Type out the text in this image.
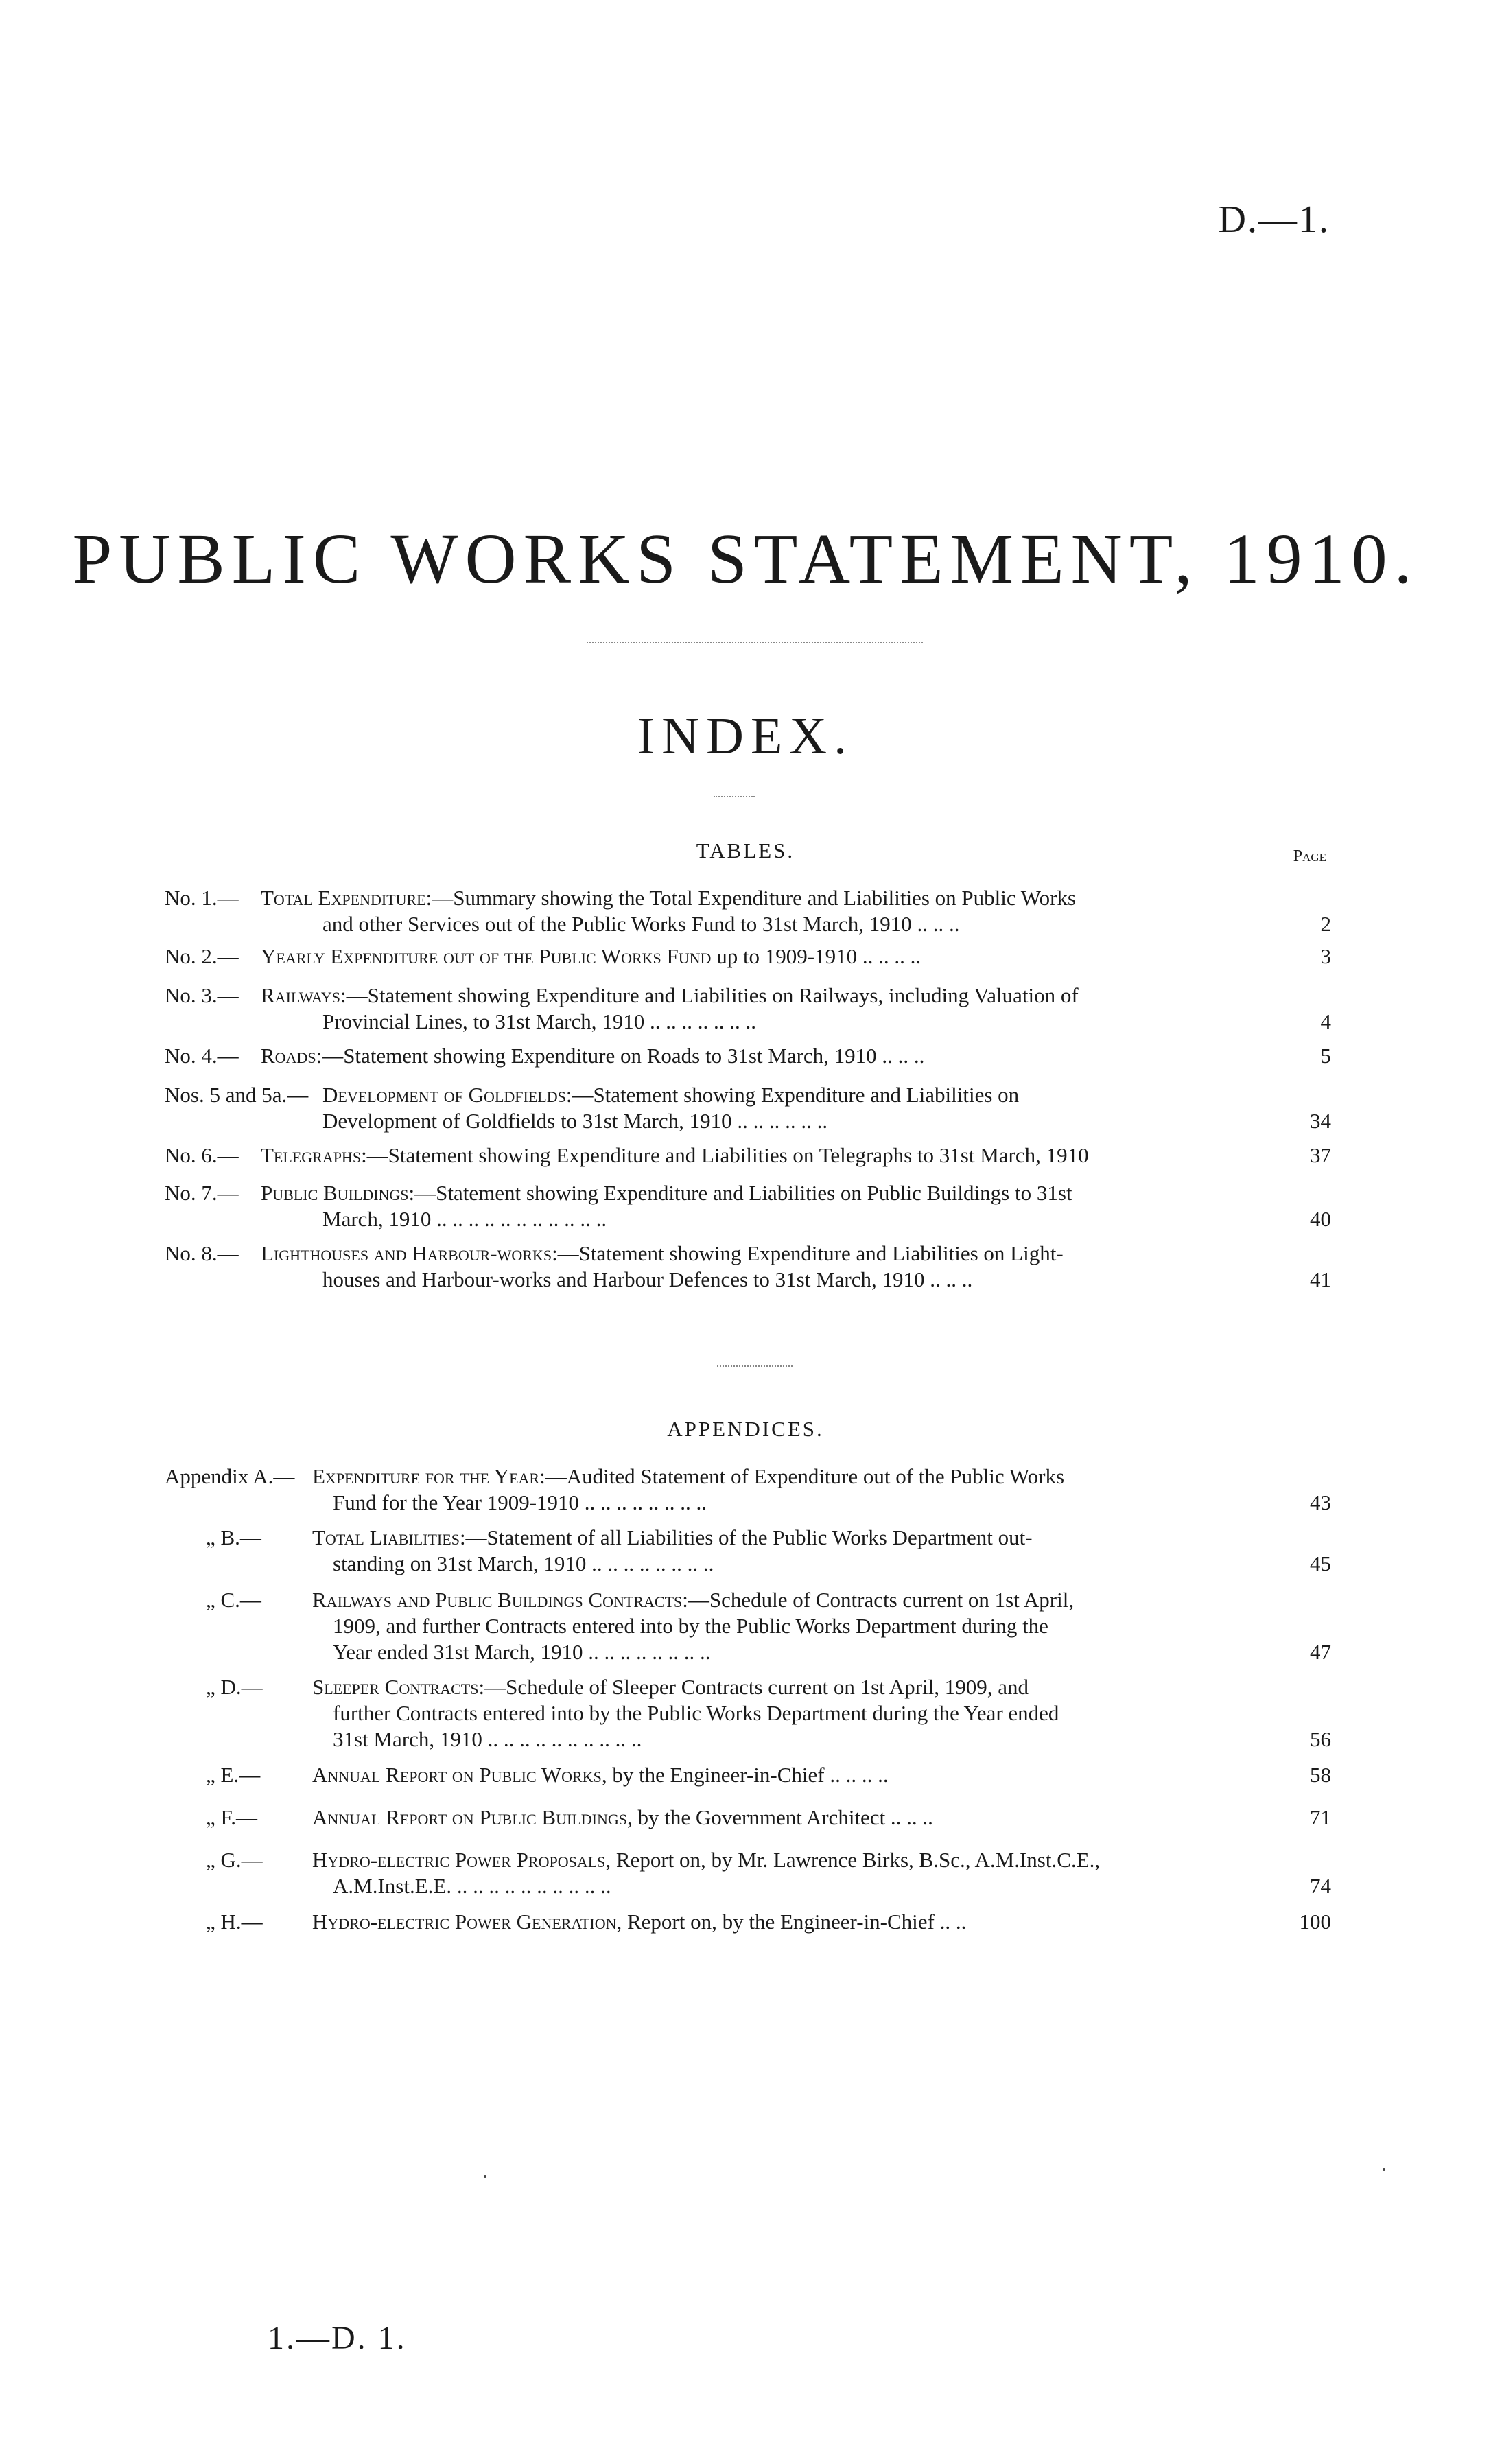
D.—1.
PUBLIC WORKS STATEMENT, 1910.
INDEX.
TABLES.	Page
No. 1.— Total Expenditure:—Summary showing the Total Expenditure and Liabilities on Public Works
and other Services out of the Public Works Fund to 31st March, 1910 .. .. ..	2
No. 2.— Yearly Expenditure out of the Public Works Fund up to 1909-1910 .. .. .. ..	3
No. 3.— Railways:—Statement showing Expenditure and Liabilities on Railways, including Valuation of
Provincial Lines, to 31st March, 1910 .. .. .. .. .. .. ..	4
No. 4.— Roads:—Statement showing Expenditure on Roads to 31st March, 1910 .. .. ..	5
Nos. 5 and 5a.— Development of Goldfields:—Statement showing Expenditure and Liabilities on
Development of Goldfields to 31st March, 1910 .. .. .. .. .. ..	34
No. 6.— Telegraphs:—Statement showing Expenditure and Liabilities on Telegraphs to 31st March, 1910	37
No. 7.— Public Buildings:—Statement showing Expenditure and Liabilities on Public Buildings to 31st
March, 1910 .. .. .. .. .. .. .. .. .. .. ..	40
No. 8.— Lighthouses and Harbour-works:—Statement showing Expenditure and Liabilities on Light-
houses and Harbour-works and Harbour Defences to 31st March, 1910 .. .. ..	41
APPENDICES.
Appendix A.— Expenditure for the Year:—Audited Statement of Expenditure out of the Public Works
Fund for the Year 1909-1910 .. .. .. .. .. .. .. ..	43
„ B.— Total Liabilities:—Statement of all Liabilities of the Public Works Department out-
standing on 31st March, 1910 .. .. .. .. .. .. .. ..	45
„ C.— Railways and Public Buildings Contracts:—Schedule of Contracts current on 1st April,
1909, and further Contracts entered into by the Public Works Department during the
Year ended 31st March, 1910 .. .. .. .. .. .. .. ..	47
„ D.— Sleeper Contracts:—Schedule of Sleeper Contracts current on 1st April, 1909, and
further Contracts entered into by the Public Works Department during the Year ended
31st March, 1910 .. .. .. .. .. .. .. .. .. ..	56
„ E.— Annual Report on Public Works, by the Engineer-in-Chief .. .. .. ..	58
„ F.—	Annual Report on Public Buildings, by the Government Architect .. .. ..	71
„ G.— Hydro-electric Power Proposals, Report on, by Mr. Lawrence Birks, B.Sc., A.M.Inst.C.E.,
A.M.Inst.E.E. .. .. .. .. .. .. .. .. .. ..	74
„ H.— Hydro-electric Power Generation, Report on, by the Engineer-in-Chief .. ..	100
1.—D. 1.
